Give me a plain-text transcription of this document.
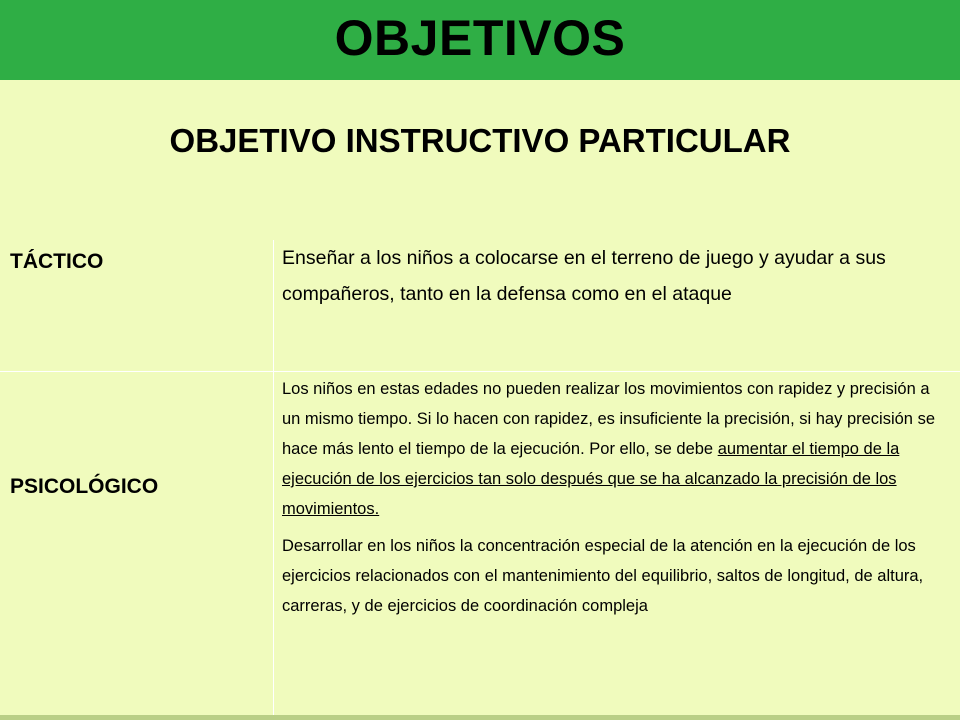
OBJETIVOS
OBJETIVO INSTRUCTIVO PARTICULAR
TÁCTICO	Enseñar a los niños a colocarse en el terreno de juego y ayudar a sus compañeros, tanto en la defensa como en el ataque
PSICOLÓGICO

Los niños en estas edades no pueden realizar los movimientos con rapidez y precisión a un mismo tiempo. Si lo hacen con rapidez, es insuficiente la precisión, si hay precisión se hace más lento el tiempo de la ejecución. Por ello, se debe aumentar el tiempo de la ejecución de los ejercicios tan solo después que se ha alcanzado la precisión de los movimientos.

Desarrollar en los niños la concentración especial de la atención en la ejecución de los ejercicios relacionados con el mantenimiento del equilibrio, saltos de longitud, de altura, carreras, y de ejercicios de coordinación compleja
